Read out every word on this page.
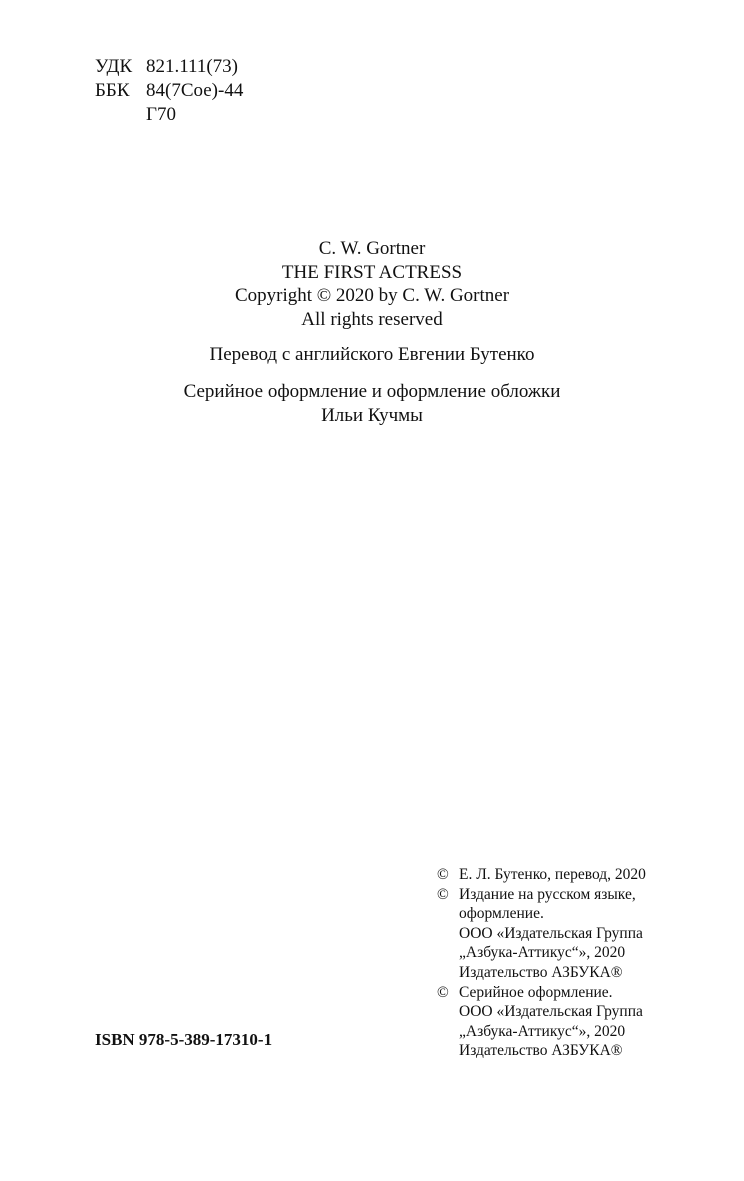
УДК 821.111(73)
ББК 84(7Сое)-44
Г70
C. W. Gortner
THE FIRST ACTRESS
Copyright © 2020 by C. W. Gortner
All rights reserved
Перевод с английского Евгении Бутенко
Серийное оформление и оформление обложки
Ильи Кучмы
© Е. Л. Бутенко, перевод, 2020
© Издание на русском языке,
оформление.
ООО «Издательская Группа
„Азбука-Аттикус“», 2020
Издательство АЗБУКА®
© Серийное оформление.
ООО «Издательская Группа
„Азбука-Аттикус“», 2020
Издательство АЗБУКА®
ISBN 978-5-389-17310-1
